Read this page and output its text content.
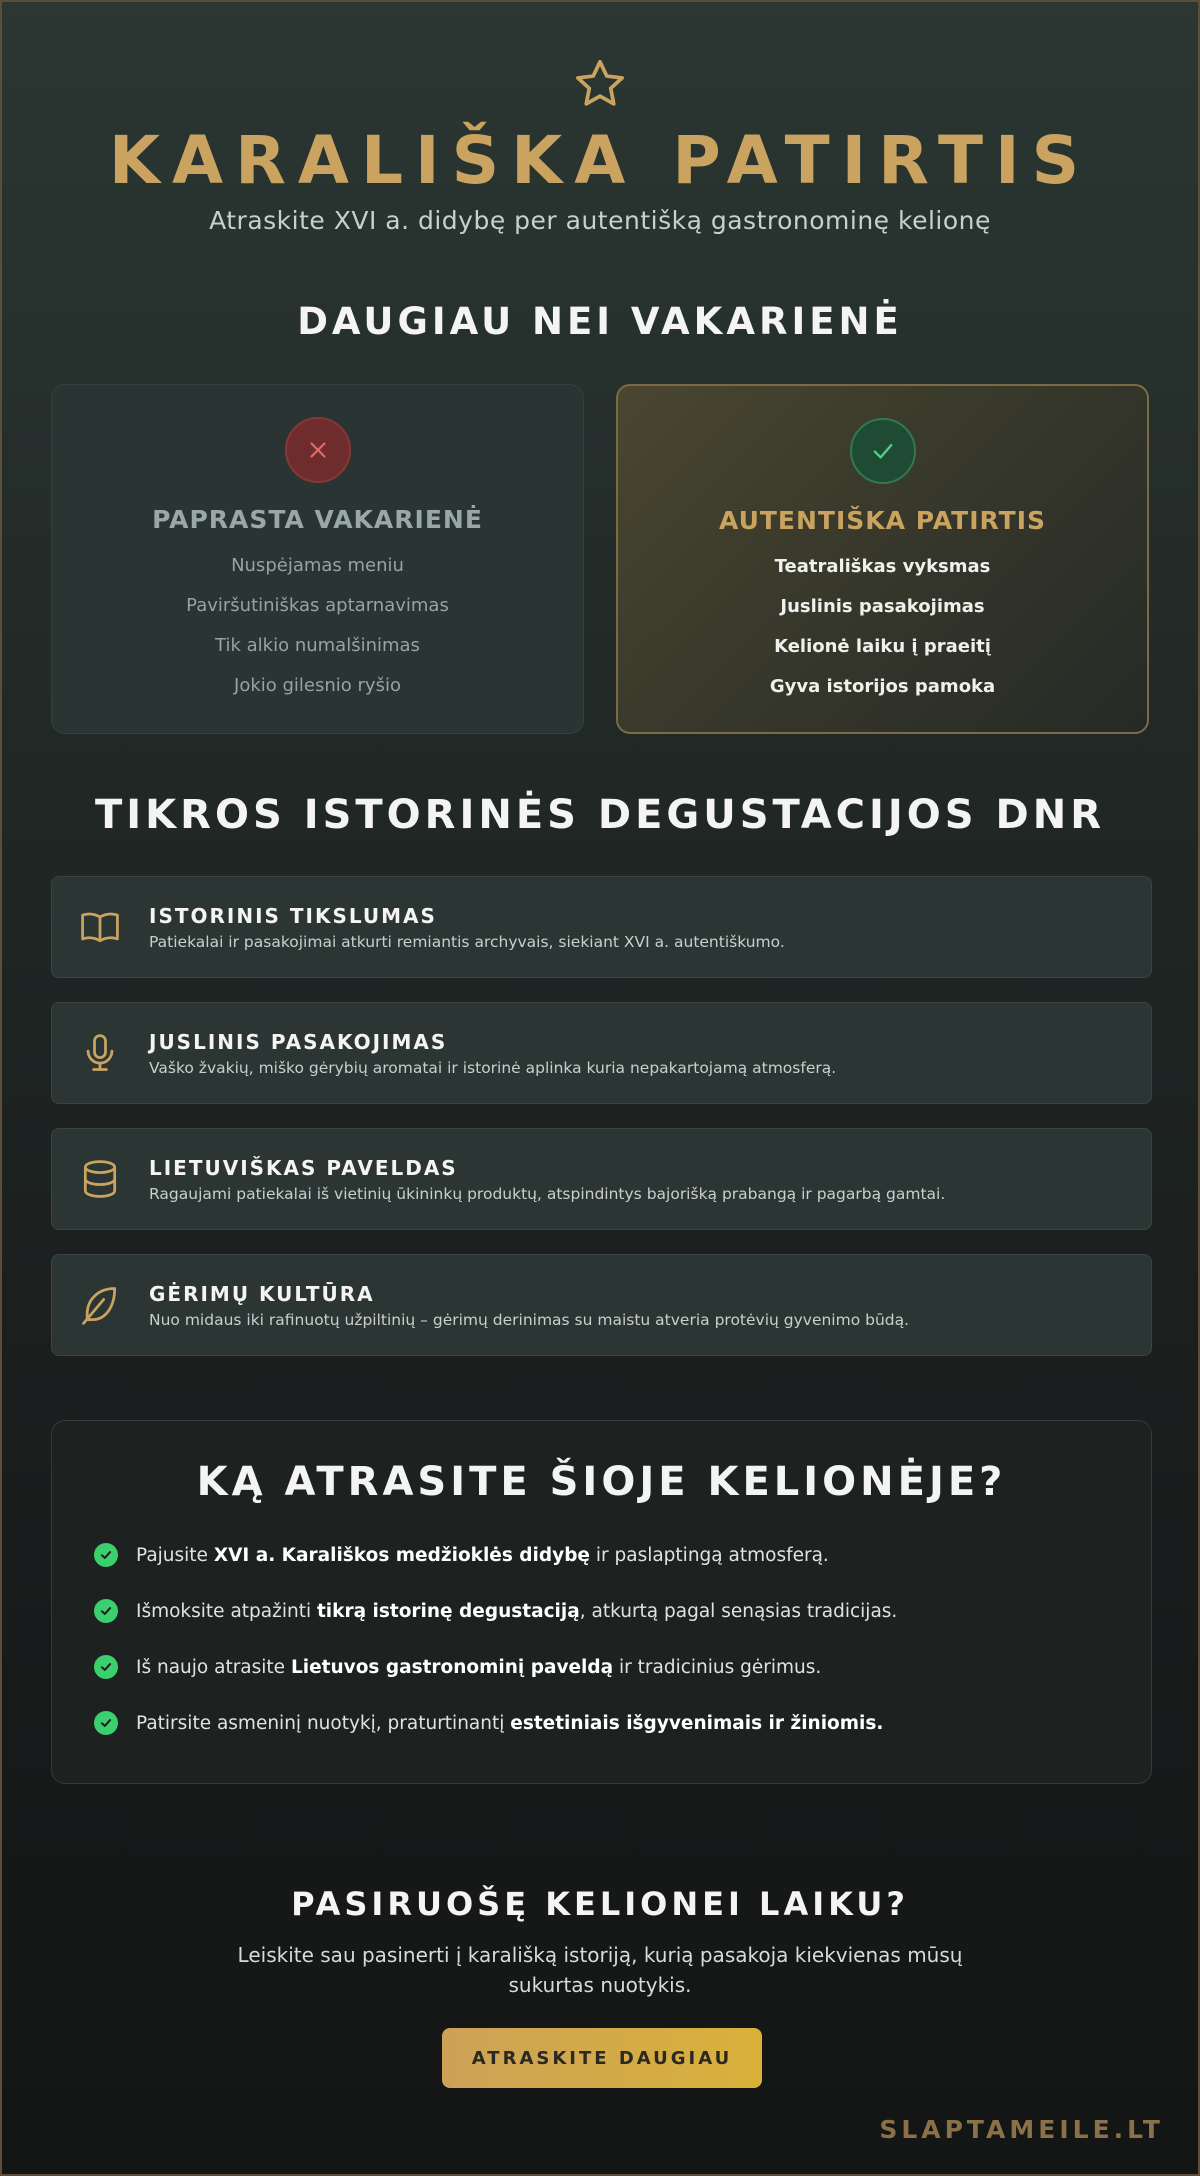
KARALIŠKA PATIRTIS

Atraskite XVI a. didybę per autentišką gastronominę kelionę

DAUGIAU NEI VAKARIENĖ
PAPRASTA VAKARIENĖ
Nuspėjamas meniu
Paviršutiniškas aptarnavimas
Tik alkio numalšinimas
Jokio gilesnio ryšio
AUTENTIŠKA PATIRTIS
Teatrališkas vyksmas
Juslinis pasakojimas
Kelionė laiku į praeitį
Gyva istorijos pamoka
TIKROS ISTORINĖS DEGUSTACIJOS DNR
ISTORINIS TIKSLUMAS
Patiekalai ir pasakojimai atkurti remiantis archyvais, siekiant XVI a. autentiškumo.
JUSLINIS PASAKOJIMAS
Vaško žvakių, miško gėrybių aromatai ir istorinė aplinka kuria nepakartojamą atmosferą.
LIETUVIŠKAS PAVELDAS
Ragaujami patiekalai iš vietinių ūkininkų produktų, atspindintys bajorišką prabangą ir pagarbą gamtai.
GĖRIMŲ KULTŪRA
Nuo midaus iki rafinuotų užpiltinių – gėrimų derinimas su maistu atveria protėvių gyvenimo būdą.
KĄ ATRASITE ŠIOJE KELIONĖJE?
Pajusite XVI a. Karališkos medžioklės didybę ir paslaptingą atmosferą.
Išmoksite atpažinti tikrą istorinę degustaciją, atkurtą pagal senąsias tradicijas.
Iš naujo atrasite Lietuvos gastronominį paveldą ir tradicinius gėrimus.
Patirsite asmeninį nuotykį, praturtinantį estetiniais išgyvenimais ir žiniomis.
PASIRUOŠĘ KELIONEI LAIKU?

Leiskite sau pasinerti į karališką istoriją, kurią pasakoja kiekvienas mūsų
sukurtas nuotykis.

ATRASKITE DAUGIAU
SLAPTAMEILE.LT
